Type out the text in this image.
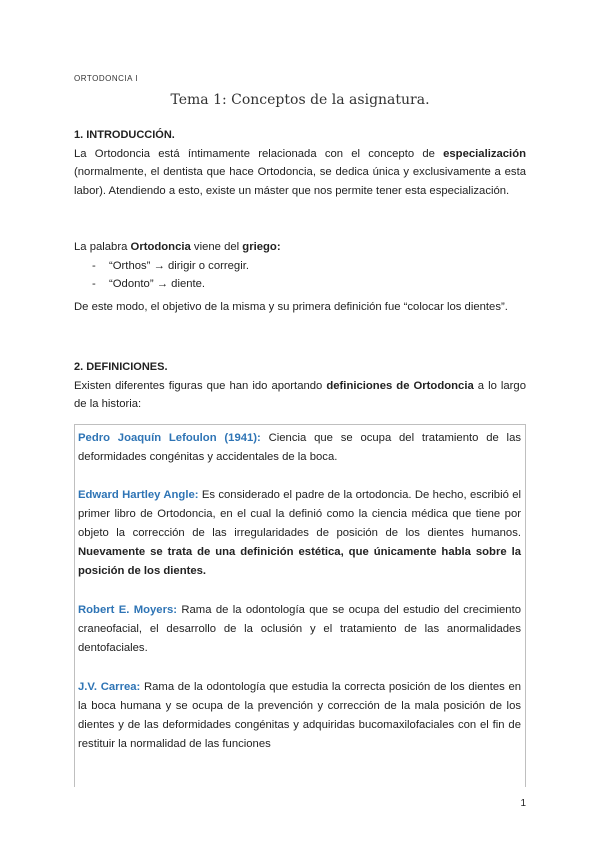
ORTODONCIA I
Tema 1: Conceptos de la asignatura.
1. INTRODUCCIÓN.

La Ortodoncia está íntimamente relacionada con el concepto de especialización (normalmente, el dentista que hace Ortodoncia, se dedica única y exclusivamente a esta labor). Atendiendo a esto, existe un máster que nos permite tener esta especialización.

La palabra Ortodoncia viene del griego:

- “Orthos” → dirigir o corregir.
- “Odonto” → diente.

De este modo, el objetivo de la misma y su primera definición fue “colocar los dientes”.

2. DEFINICIONES.

Existen diferentes figuras que han ido aportando definiciones de Ortodoncia a lo largo de la historia:

Pedro Joaquín Lefoulon (1941): Ciencia que se ocupa del tratamiento de las deformidades congénitas y accidentales de la boca.
Edward Hartley Angle: Es considerado el padre de la ortodoncia. De hecho, escribió el primer libro de Ortodoncia, en el cual la definió como la ciencia médica que tiene por objeto la corrección de las irregularidades de posición de los dientes humanos. Nuevamente se trata de una definición estética, que únicamente habla sobre la posición de los dientes.
Robert E. Moyers: Rama de la odontología que se ocupa del estudio del crecimiento craneofacial, el desarrollo de la oclusión y el tratamiento de las anormalidades dentofaciales.
J.V. Carrea: Rama de la odontología que estudia la correcta posición de los dientes en la boca humana y se ocupa de la prevención y corrección de la mala posición de los dientes y de las deformidades congénitas y adquiridas bucomaxilofaciales con el fin de restituir la normalidad de las funciones
1
